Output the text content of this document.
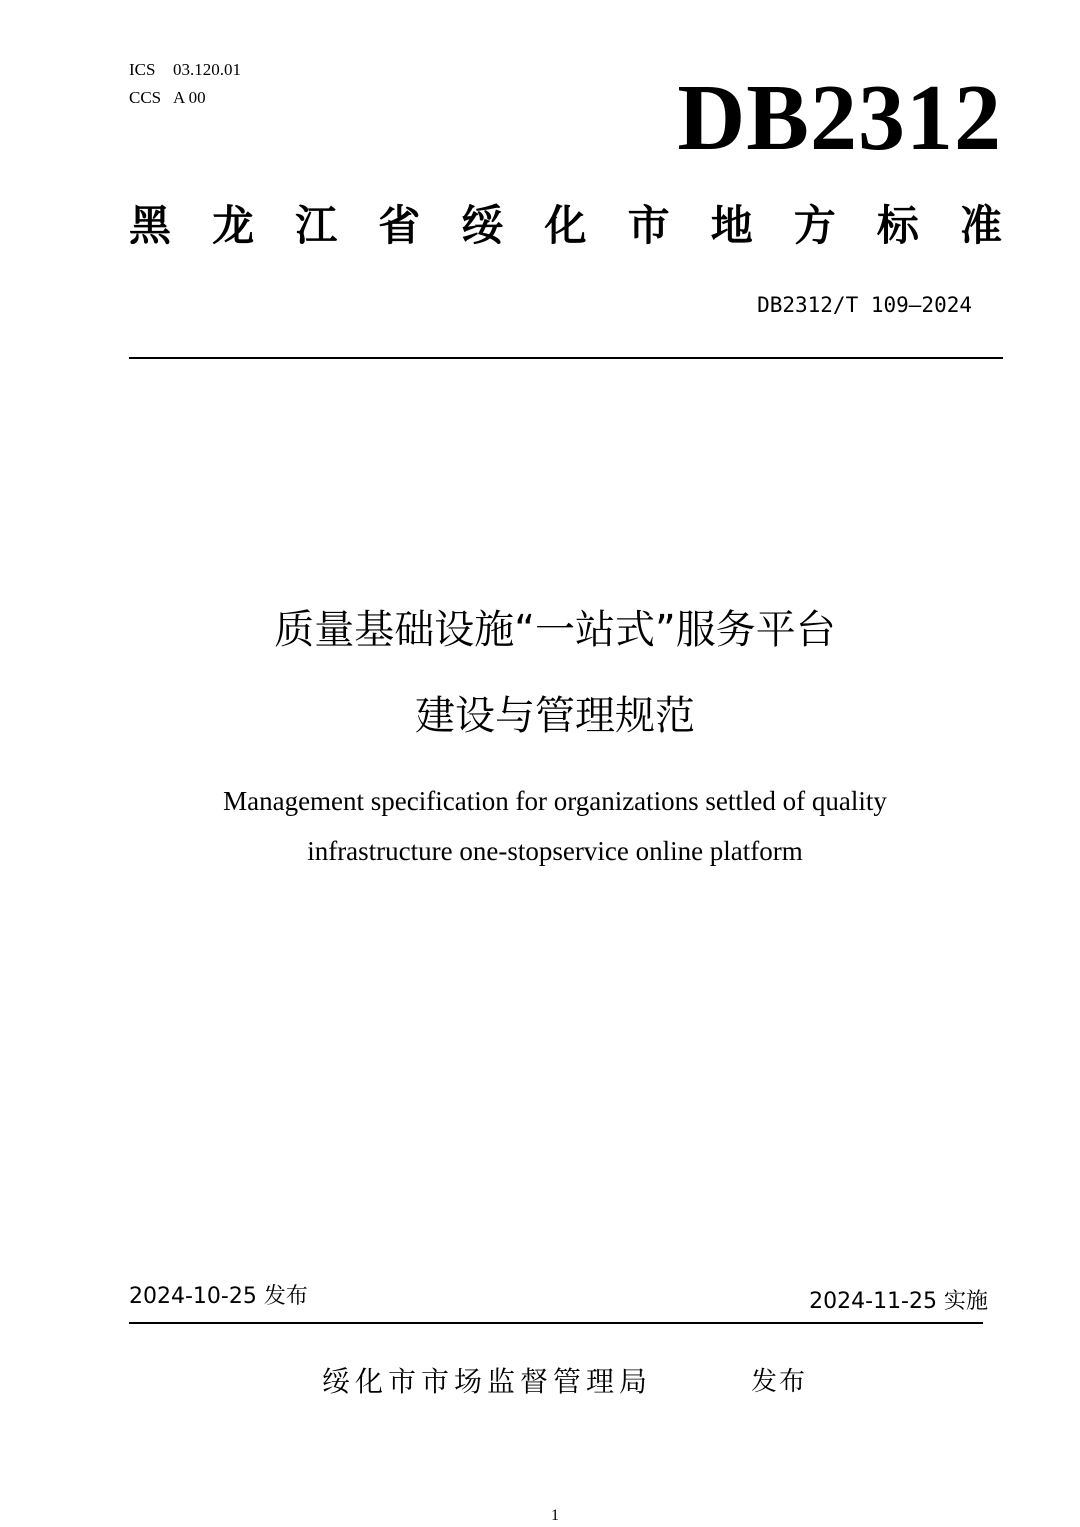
ICS	03.120.01
CCS A 00	DB2312
黑 龙 江 省 绥 化 市 地 方 标 准
DB2312/T 109—2024
质量基础设施“一站式”服务平台
建设与管理规范
Management specification for organizations settled of quality
infrastructure one-stopservice online platform
2024-10-25 发布	2024-11-25 实施
绥化市市场监督管理局	发布
1
